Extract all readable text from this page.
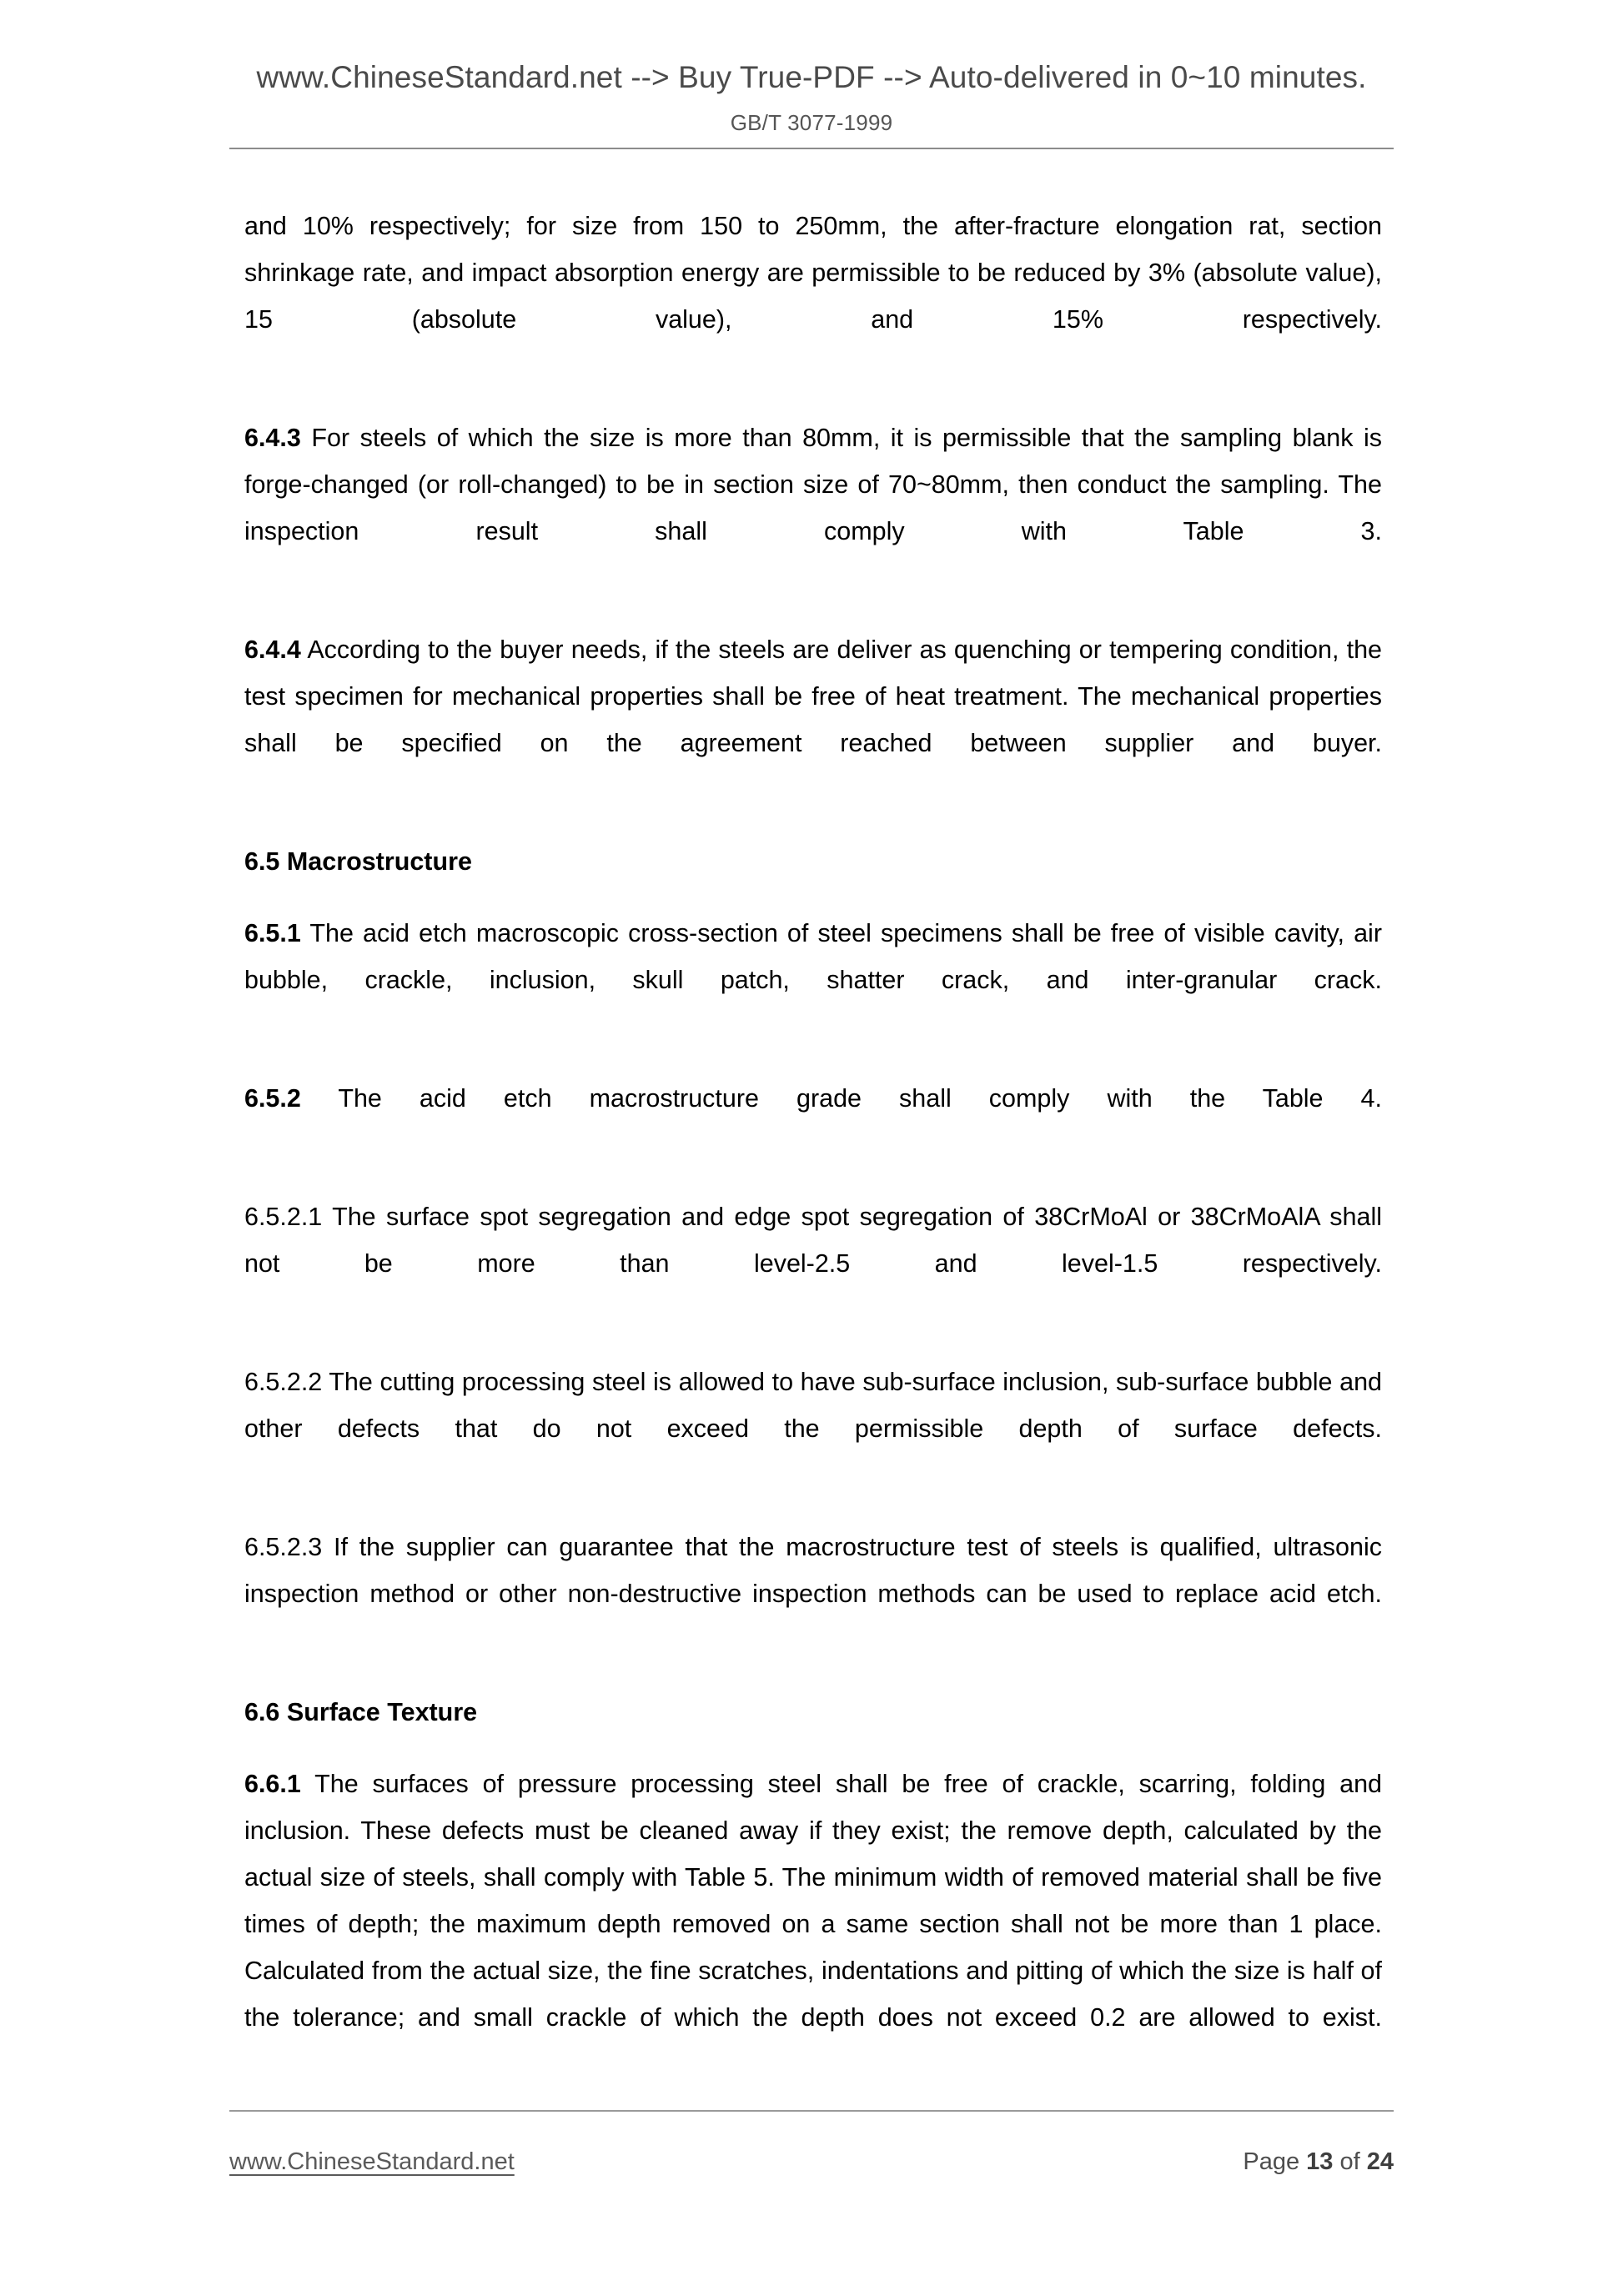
www.ChineseStandard.net --> Buy True-PDF --> Auto-delivered in 0~10 minutes.
GB/T 3077-1999

and 10% respectively; for size from 150 to 250mm, the after-fracture elongation rat, section shrinkage rate, and impact absorption energy are permissible to be reduced by 3% (absolute value), 15 (absolute value), and 15% respectively.

6.4.3 For steels of which the size is more than 80mm, it is permissible that the sampling blank is forge-changed (or roll-changed) to be in section size of 70~80mm, then conduct the sampling. The inspection result shall comply with Table 3.

6.4.4 According to the buyer needs, if the steels are deliver as quenching or tempering condition, the test specimen for mechanical properties shall be free of heat treatment. The mechanical properties shall be specified on the agreement reached between supplier and buyer.

6.5 Macrostructure

6.5.1 The acid etch macroscopic cross-section of steel specimens shall be free of visible cavity, air bubble, crackle, inclusion, skull patch, shatter crack, and inter-granular crack.

6.5.2 The acid etch macrostructure grade shall comply with the Table 4.

6.5.2.1 The surface spot segregation and edge spot segregation of 38CrMoAl or 38CrMoAlA shall not be more than level-2.5 and level-1.5 respectively.

6.5.2.2 The cutting processing steel is allowed to have sub-surface inclusion, sub-surface bubble and other defects that do not exceed the permissible depth of surface defects.

6.5.2.3 If the supplier can guarantee that the macrostructure test of steels is qualified, ultrasonic inspection method or other non-destructive inspection methods can be used to replace acid etch.

6.6 Surface Texture

6.6.1 The surfaces of pressure processing steel shall be free of crackle, scarring, folding and inclusion. These defects must be cleaned away if they exist; the remove depth, calculated by the actual size of steels, shall comply with Table 5. The minimum width of removed material shall be five times of depth; the maximum depth removed on a same section shall not be more than 1 place. Calculated from the actual size, the fine scratches, indentations and pitting of which the size is half of the tolerance; and small crackle of which the depth does not exceed 0.2 are allowed to exist.

www.ChineseStandard.net	Page 13 of 24
